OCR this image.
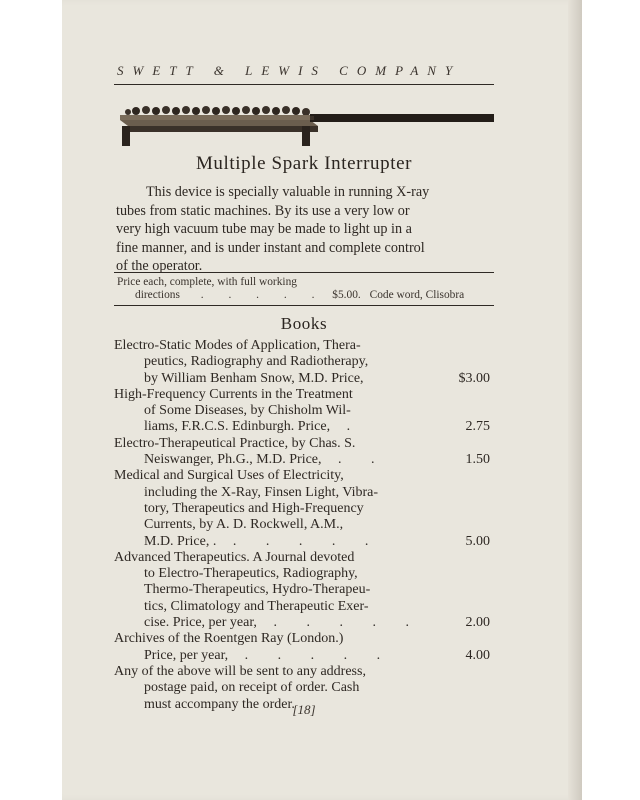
SWETT & LEWIS COMPANY
Multiple Spark Interrupter
This device is specially valuable in running X-ray
tubes from static machines. By its use a very low or
very high vacuum tube may be made to light up in a
fine manner, and is under instant and complete control
of the operator.
Price each, complete, with full working
directions . . . . . $5.00. Code word, Clisobra
Books
Electro-Static Modes of Application, Thera-
peutics, Radiography and Radiotherapy,
by William Benham Snow, M.D. Price,	$3.00
High-Frequency Currents in the Treatment
of Some Diseases, by Chisholm Wil-
liams, F.R.C.S. Edinburgh. Price, .	2.75
Electro-Therapeutical Practice, by Chas. S.
Neiswanger, Ph.G., M.D. Price, . .	1.50
Medical and Surgical Uses of Electricity,
including the X-Ray, Finsen Light, Vibra-
tory, Therapeutics and High-Frequency
Currents, by A. D. Rockwell, A.M.,
M.D. Price, . . . . . .	5.00
Advanced Therapeutics. A Journal devoted
to Electro-Therapeutics, Radiography,
Thermo-Therapeutics, Hydro-Therapeu-
tics, Climatology and Therapeutic Exer-
cise. Price, per year, . . . . .	2.00
Archives of the Roentgen Ray (London.)
Price, per year, . . . . .	4.00
Any of the above will be sent to any address,
postage paid, on receipt of order. Cash
must accompany the order.
[18]
